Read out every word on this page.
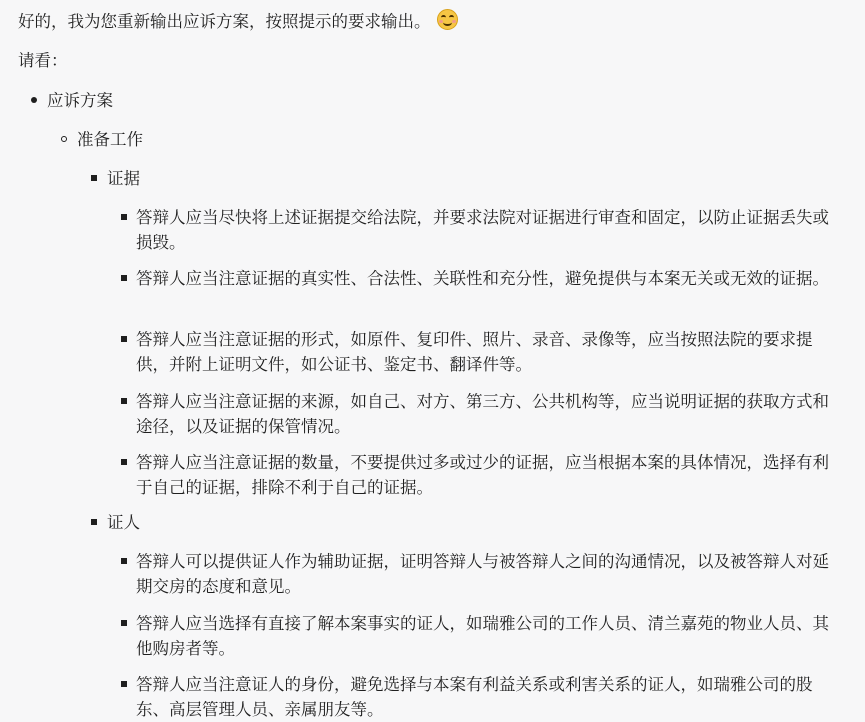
好的，我为您重新输出应诉方案，按照提示的要求输出。
请看：
应诉方案
准备工作
证据
答辩人应当尽快将上述证据提交给法院，并要求法院对证据进行审查和固定，以防止证据丢失或损毁。
答辩人应当注意证据的真实性、合法性、关联性和充分性，避免提供与本案无关或无效的证据。
答辩人应当注意证据的形式，如原件、复印件、照片、录音、录像等，应当按照法院的要求提供，并附上证明文件，如公证书、鉴定书、翻译件等。
答辩人应当注意证据的来源，如自己、对方、第三方、公共机构等，应当说明证据的获取方式和途径，以及证据的保管情况。
答辩人应当注意证据的数量，不要提供过多或过少的证据，应当根据本案的具体情况，选择有利于自己的证据，排除不利于自己的证据。
证人
答辩人可以提供证人作为辅助证据，证明答辩人与被答辩人之间的沟通情况，以及被答辩人对延期交房的态度和意见。
答辩人应当选择有直接了解本案事实的证人，如瑞雅公司的工作人员、清兰嘉苑的物业人员、其他购房者等。
答辩人应当注意证人的身份，避免选择与本案有利益关系或利害关系的证人，如瑞雅公司的股东、高层管理人员、亲属朋友等。
